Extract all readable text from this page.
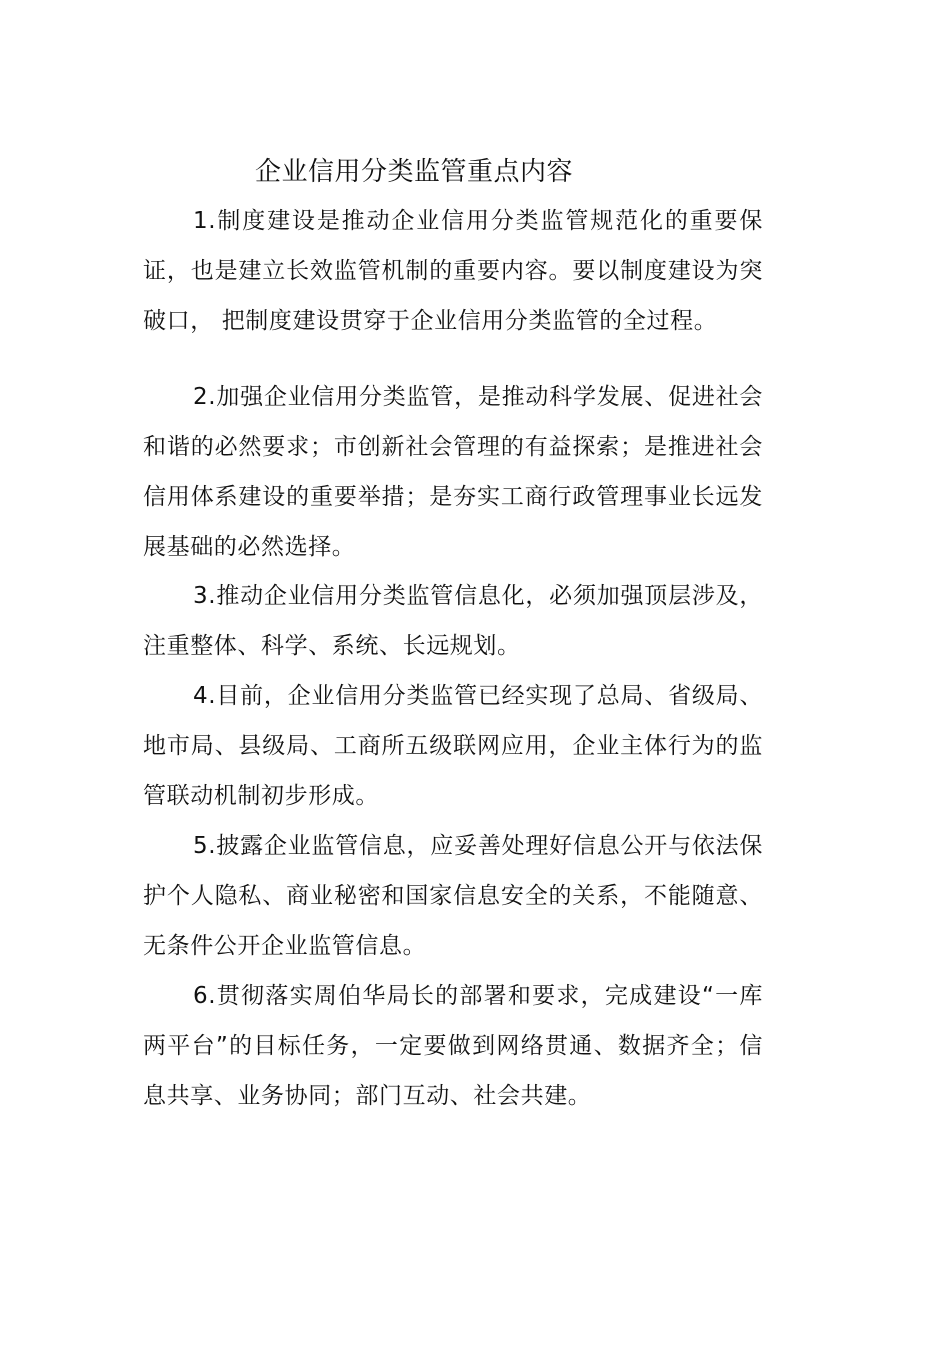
企业信用分类监管重点内容

1.制度建设是推动企业信用分类监管规范化的重要保证，也是建立长效监管机制的重要内容。要以制度建设为突破口， 把制度建设贯穿于企业信用分类监管的全过程。

2.加强企业信用分类监管，是推动科学发展、促进社会和谐的必然要求；市创新社会管理的有益探索；是推进社会信用体系建设的重要举措；是夯实工商行政管理事业长远发展基础的必然选择。

3.推动企业信用分类监管信息化，必须加强顶层涉及，注重整体、科学、系统、长远规划。

4.目前，企业信用分类监管已经实现了总局、省级局、地市局、县级局、工商所五级联网应用，企业主体行为的监管联动机制初步形成。

5.披露企业监管信息，应妥善处理好信息公开与依法保护个人隐私、商业秘密和国家信息安全的关系，不能随意、无条件公开企业监管信息。

6.贯彻落实周伯华局长的部署和要求，完成建设“一库两平台”的目标任务，一定要做到网络贯通、数据齐全；信息共享、业务协同；部门互动、社会共建。
